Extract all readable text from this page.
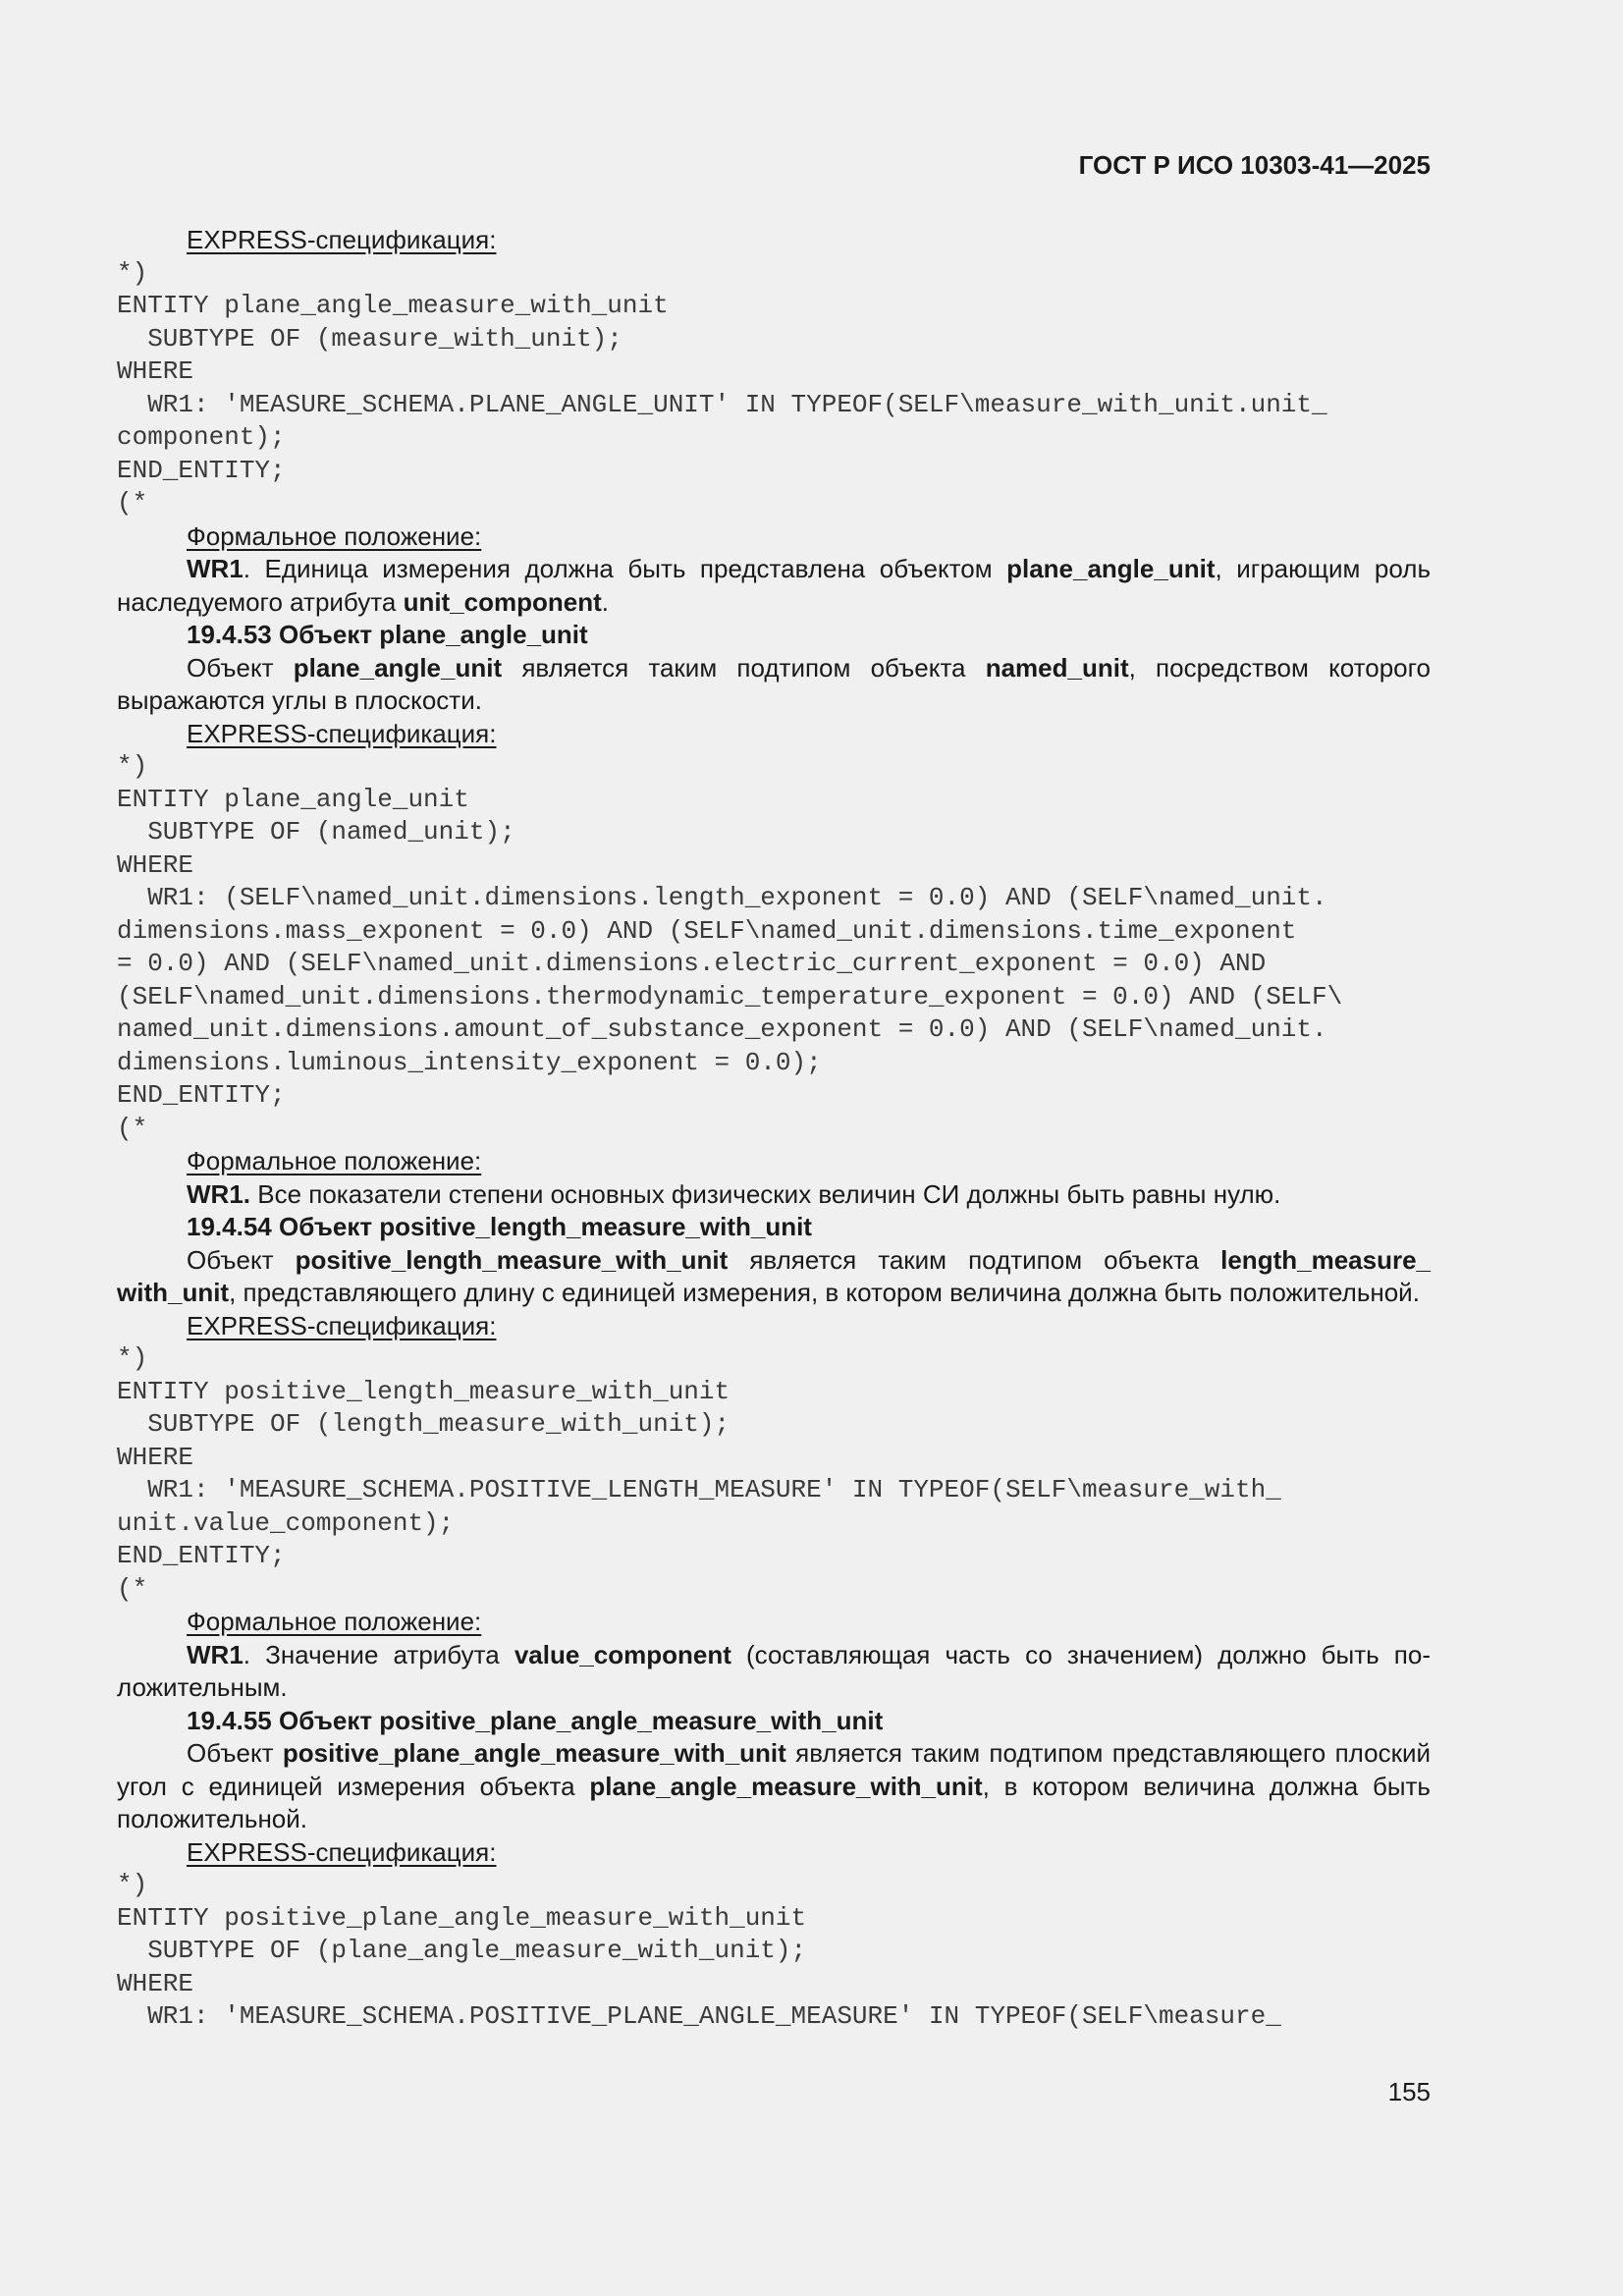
ГОСТ Р ИСО 10303-41—2025

EXPRESS-спецификация:

*)
ENTITY plane_angle_measure_with_unit
SUBTYPE OF (measure_with_unit);
WHERE
WR1: 'MEASURE_SCHEMA.PLANE_ANGLE_UNIT' IN TYPEOF(SELF\measure_with_unit.unit_
component);
END_ENTITY;
(*

Формальное положение:

WR1. Единица измерения должна быть представлена объектом plane_angle_unit, играющим роль наследуемого атрибута unit_component.

19.4.53 Объект plane_angle_unit

Объект plane_angle_unit является таким подтипом объекта named_unit, посредством которого выражаются углы в плоскости.

EXPRESS-спецификация:

*)
ENTITY plane_angle_unit
SUBTYPE OF (named_unit);
WHERE
WR1: (SELF\named_unit.dimensions.length_exponent = 0.0) AND (SELF\named_unit.
dimensions.mass_exponent = 0.0) AND (SELF\named_unit.dimensions.time_exponent
= 0.0) AND (SELF\named_unit.dimensions.electric_current_exponent = 0.0) AND
(SELF\named_unit.dimensions.thermodynamic_temperature_exponent = 0.0) AND (SELF\
named_unit.dimensions.amount_of_substance_exponent = 0.0) AND (SELF\named_unit.
dimensions.luminous_intensity_exponent = 0.0);
END_ENTITY;
(*

Формальное положение:

WR1. Все показатели степени основных физических величин СИ должны быть равны нулю.

19.4.54 Объект positive_length_measure_with_unit

Объект positive_length_measure_with_unit является таким подтипом объекта length_measure_ with_unit, представляющего длину с единицей измерения, в котором величина должна быть положительной.

EXPRESS-спецификация:

*)
ENTITY positive_length_measure_with_unit
SUBTYPE OF (length_measure_with_unit);
WHERE
WR1: 'MEASURE_SCHEMA.POSITIVE_LENGTH_MEASURE' IN TYPEOF(SELF\measure_with_
unit.value_component);
END_ENTITY;
(*

Формальное положение:

WR1. Значение атрибута value_component (составляющая часть со значением) должно быть положительным.

19.4.55 Объект positive_plane_angle_measure_with_unit

Объект positive_plane_angle_measure_with_unit является таким подтипом представляющего плоский угол с единицей измерения объекта plane_angle_measure_with_unit, в котором величина должна быть положительной.

EXPRESS-спецификация:

*)
ENTITY positive_plane_angle_measure_with_unit
SUBTYPE OF (plane_angle_measure_with_unit);
WHERE
WR1: 'MEASURE_SCHEMA.POSITIVE_PLANE_ANGLE_MEASURE' IN TYPEOF(SELF\measure_
155
